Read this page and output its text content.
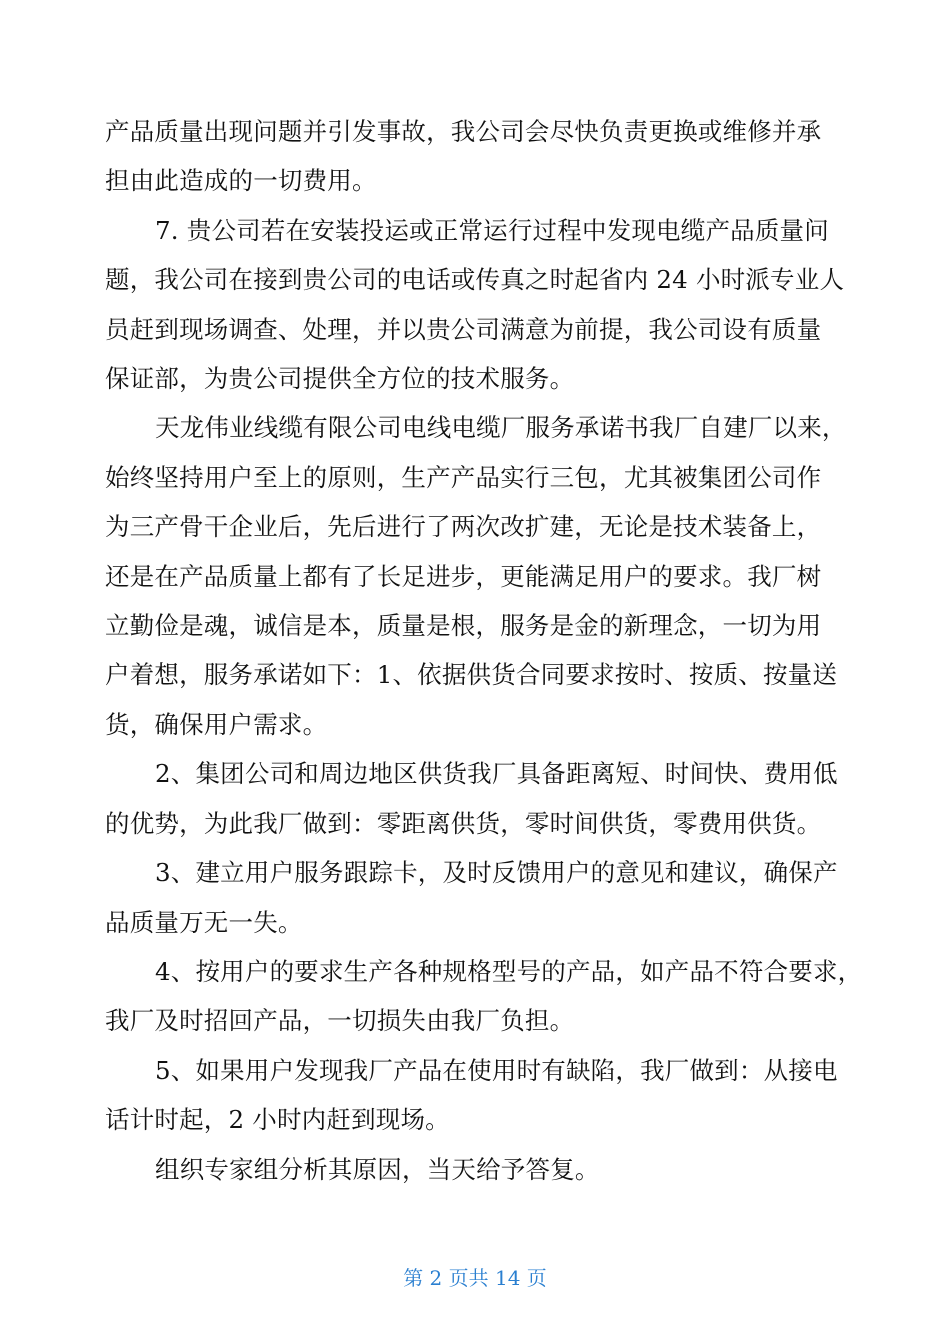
产品质量出现问题并引发事故，我公司会尽快负责更换或维修并承
担由此造成的一切费用。

7. 贵公司若在安装投运或正常运行过程中发现电缆产品质量问
题，我公司在接到贵公司的电话或传真之时起省内 24 小时派专业人
员赶到现场调查、处理，并以贵公司满意为前提，我公司设有质量
保证部，为贵公司提供全方位的技术服务。

天龙伟业线缆有限公司电线电缆厂服务承诺书我厂自建厂以来，
始终坚持用户至上的原则，生产产品实行三包，尤其被集团公司作
为三产骨干企业后，先后进行了两次改扩建，无论是技术装备上，
还是在产品质量上都有了长足进步，更能满足用户的要求。我厂树
立勤俭是魂，诚信是本，质量是根，服务是金的新理念，一切为用
户着想，服务承诺如下：1、依据供货合同要求按时、按质、按量送
货，确保用户需求。

2、集团公司和周边地区供货我厂具备距离短、时间快、费用低
的优势，为此我厂做到：零距离供货，零时间供货，零费用供货。

3、建立用户服务跟踪卡，及时反馈用户的意见和建议，确保产
品质量万无一失。

4、按用户的要求生产各种规格型号的产品，如产品不符合要求，
我厂及时招回产品，一切损失由我厂负担。

5、如果用户发现我厂产品在使用时有缺陷，我厂做到：从接电
话计时起，2 小时内赶到现场。

组织专家组分析其原因，当天给予答复。

第 2 页共 14 页
